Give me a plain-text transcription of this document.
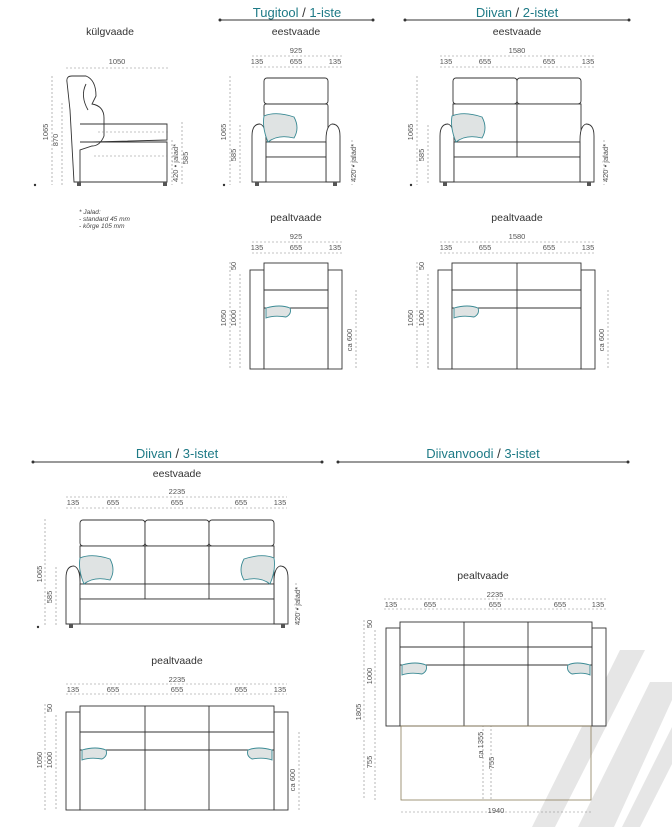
Tugitool / 1-iste	Diivan / 2-istet
Diivan / 3-istet	Diivanvoodi / 3-istet
külgvaade
1050
1065 870
585
420 • jalad*
* Jalad:
- standard 45 mm
- kõrge 105 mm
eestvaade
925
135	655	135
1065
585	420 • jalad*
eestvaade
1580
135	655	655	135
1065
585	420 • jalad*
pealtvaade
925
135	655	135
1050
50
1000
ca 600
pealtvaade
1580
135	655	655	135
1050
50
1000
ca 600
eestvaade
2235
135	655	655	655	135
1065
585	420 • jalad*
pealtvaade
2235
135	655	655	655	135
1050
50
1000
ca 600
pealtvaade
2235
135	655	655	655	135
1805
50
1000
755
ca 1355
755
1940
